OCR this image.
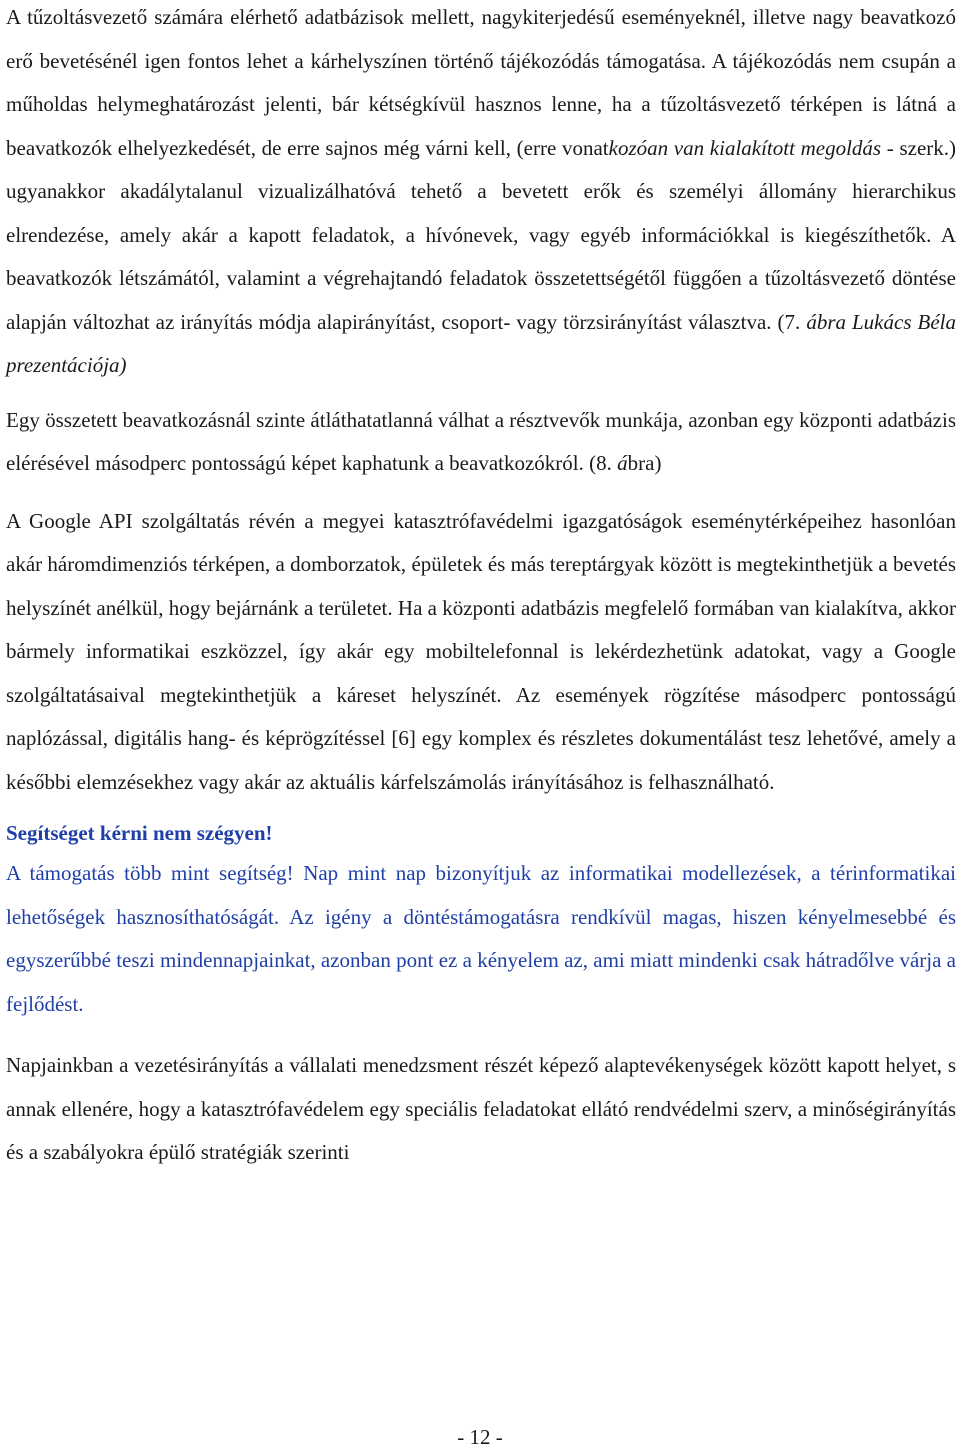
A tűzoltásvezető számára elérhető adatbázisok mellett, nagykiterjedésű eseményeknél, illetve nagy beavatkozó erő bevetésénél igen fontos lehet a kárhelyszínen történő tájékozódás támogatása. A tájékozódás nem csupán a műholdas helymeghatározást jelenti, bár kétségkívül hasznos lenne, ha a tűzoltásvezető térképen is látná a beavatkozók elhelyezkedését, de erre sajnos még várni kell, (erre vonatkozóan van kialakított megoldás - szerk.) ugyanakkor akadálytalanul vizualizálhatóvá tehető a bevetett erők és személyi állomány hierarchikus elrendezése, amely akár a kapott feladatok, a hívónevek, vagy egyéb információkkal is kiegészíthetők. A beavatkozók létszámától, valamint a végrehajtandó feladatok összetettségétől függően a tűzoltásvezető döntése alapján változhat az irányítás módja alapirányítást, csoport- vagy törzsirányítást választva. (7. ábra Lukács Béla prezentációja)

Egy összetett beavatkozásnál szinte átláthatatlanná válhat a résztvevők munkája, azonban egy központi adatbázis elérésével másodperc pontosságú képet kaphatunk a beavatkozókról. (8. ábra)

A Google API szolgáltatás révén a megyei katasztrófavédelmi igazgatóságok eseménytérképeihez hasonlóan akár háromdimenziós térképen, a domborzatok, épületek és más tereptárgyak között is megtekinthetjük a bevetés helyszínét anélkül, hogy bejárnánk a területet. Ha a központi adatbázis megfelelő formában van kialakítva, akkor bármely informatikai eszközzel, így akár egy mobiltelefonnal is lekérdezhetünk adatokat, vagy a Google szolgáltatásaival megtekinthetjük a káreset helyszínét. Az események rögzítése másodperc pontosságú naplózással, digitális hang- és képrögzítéssel [6] egy komplex és részletes dokumentálást tesz lehetővé, amely a későbbi elemzésekhez vagy akár az aktuális kárfelszámolás irányításához is felhasználható.

Segítséget kérni nem szégyen!

A támogatás több mint segítség! Nap mint nap bizonyítjuk az informatikai modellezések, a térinformatikai lehetőségek hasznosíthatóságát. Az igény a döntéstámogatásra rendkívül magas, hiszen kényelmesebbé és egyszerűbbé teszi mindennapjainkat, azonban pont ez a kényelem az, ami miatt mindenki csak hátradőlve várja a fejlődést.

Napjainkban a vezetésirányítás a vállalati menedzsment részét képező alaptevékenységek között kapott helyet, s annak ellenére, hogy a katasztrófavédelem egy speciális feladatokat ellátó rendvédelmi szerv, a minőségirányítás és a szabályokra épülő stratégiák szerinti

- 12 -
